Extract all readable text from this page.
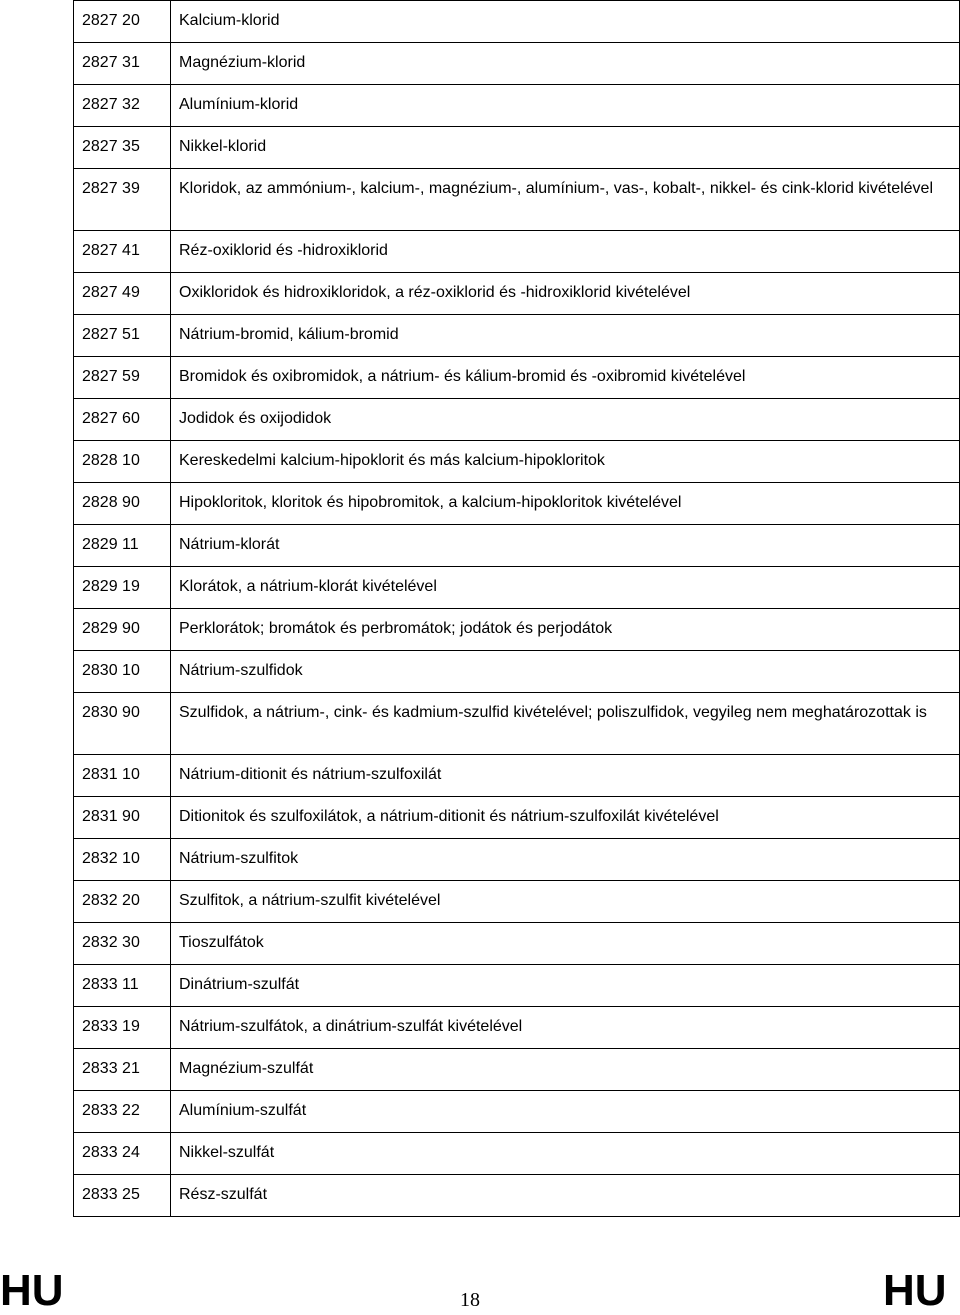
2827 20	Kalcium-klorid
2827 31	Magnézium-klorid
2827 32	Alumínium-klorid
2827 35	Nikkel-klorid
2827 39	Kloridok, az ammónium-, kalcium-, magnézium-, alumínium-, vas-, kobalt-, nikkel- és cink-klorid kivételével
2827 41	Réz-oxiklorid és -hidroxiklorid
2827 49	Oxikloridok és hidroxikloridok, a réz-oxiklorid és -hidroxiklorid kivételével
2827 51	Nátrium-bromid, kálium-bromid
2827 59	Bromidok és oxibromidok, a nátrium- és kálium-bromid és -oxibromid kivételével
2827 60	Jodidok és oxijodidok
2828 10	Kereskedelmi kalcium-hipoklorit és más kalcium-hipokloritok
2828 90	Hipokloritok, kloritok és hipobromitok, a kalcium-hipokloritok kivételével
2829 11	Nátrium-klorát
2829 19	Klorátok, a nátrium-klorát kivételével
2829 90	Perklorátok; bromátok és perbromátok; jodátok és perjodátok
2830 10	Nátrium-szulfidok
2830 90	Szulfidok, a nátrium-, cink- és kadmium-szulfid kivételével; poliszulfidok, vegyileg nem meghatározottak is
2831 10	Nátrium-ditionit és nátrium-szulfoxilát
2831 90	Ditionitok és szulfoxilátok, a nátrium-ditionit és nátrium-szulfoxilát kivételével
2832 10	Nátrium-szulfitok
2832 20	Szulfitok, a nátrium-szulfit kivételével
2832 30	Tioszulfátok
2833 11	Dinátrium-szulfát
2833 19	Nátrium-szulfátok, a dinátrium-szulfát kivételével
2833 21	Magnézium-szulfát
2833 22	Alumínium-szulfát
2833 24	Nikkel-szulfát
2833 25	Rész-szulfát
HU	18	HU
